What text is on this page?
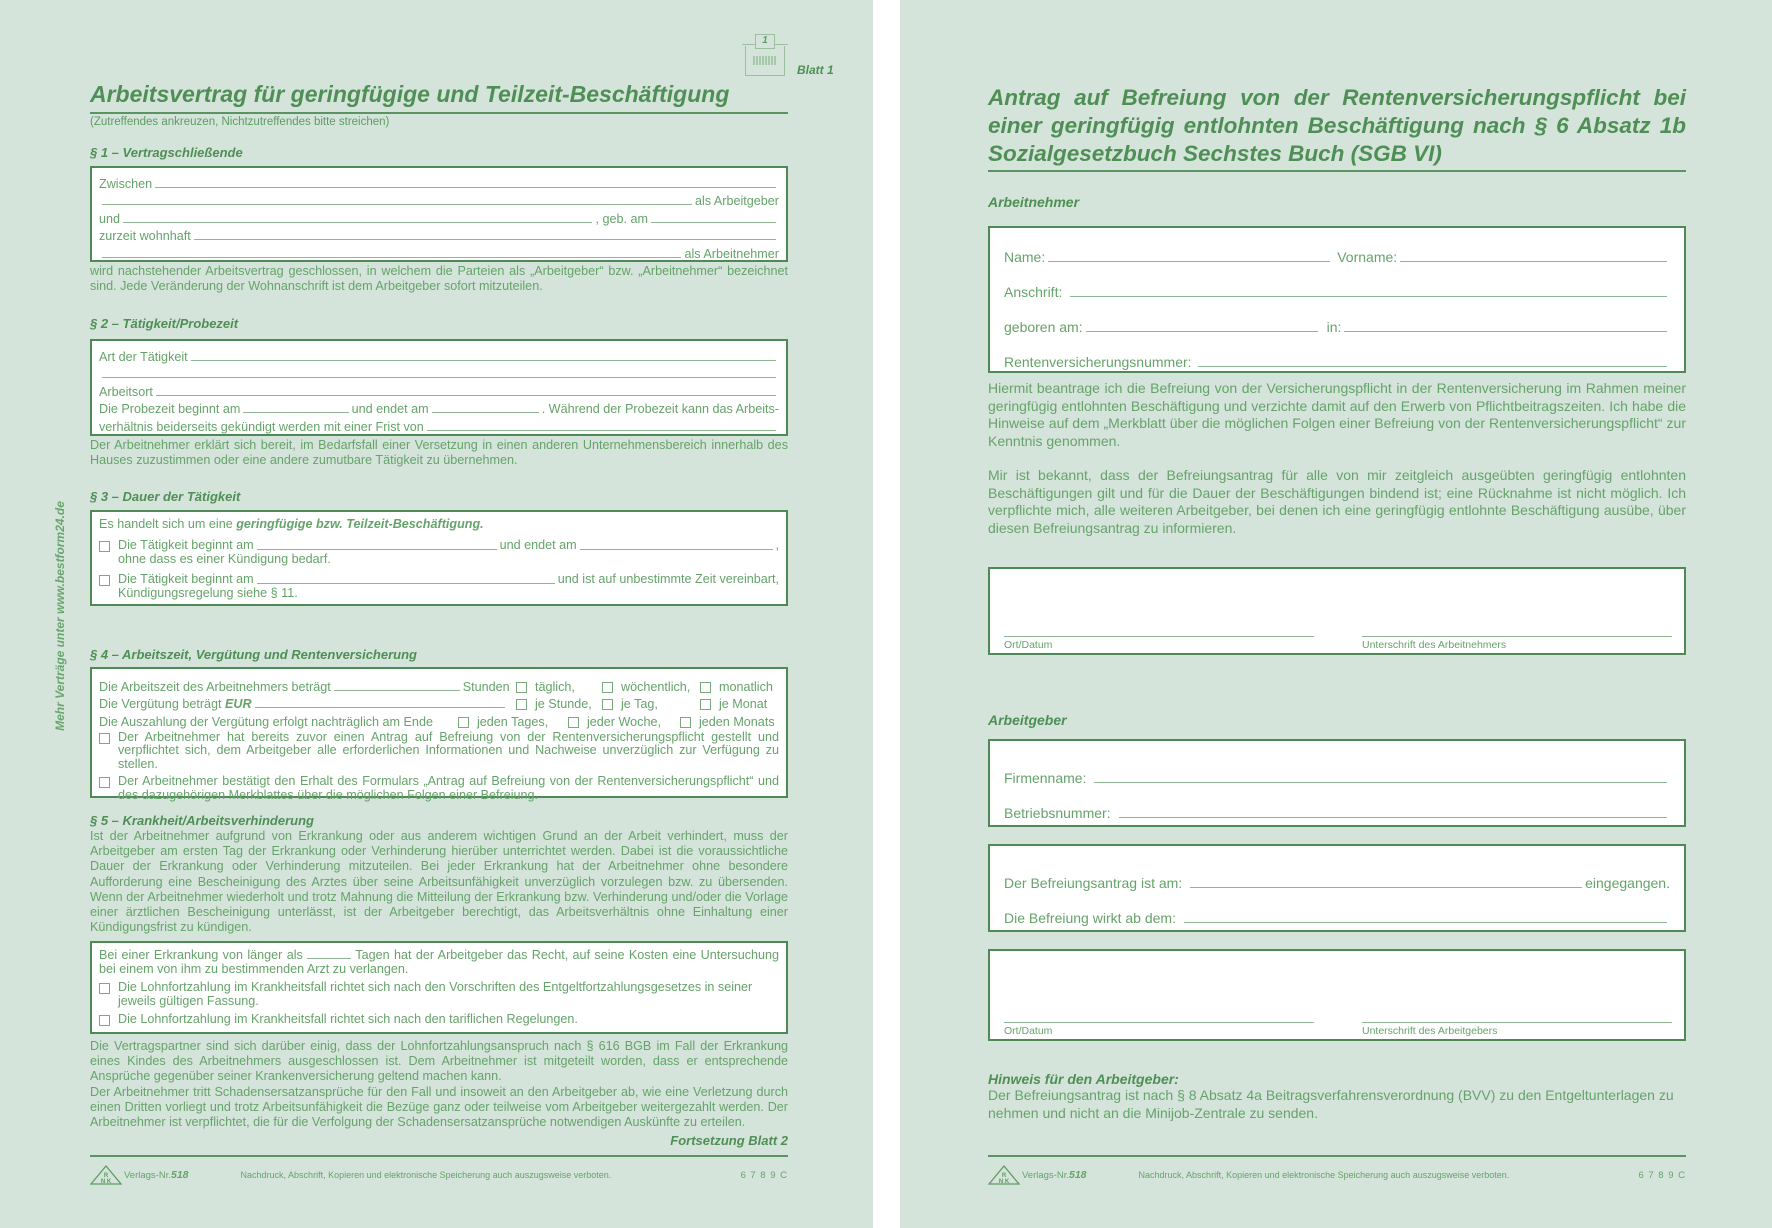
1
Blatt 1
Mehr Verträge unter www.bestform24.de
Arbeitsvertrag für geringfügige und Teilzeit-Beschäftigung
(Zutreffendes ankreuzen, Nichtzutreffendes bitte streichen)
§ 1 – Vertragschließende
Zwischen
als Arbeitgeber
und	, geb. am
zurzeit wohnhaft
als Arbeitnehmer
wird nachstehender Arbeitsvertrag geschlossen, in welchem die Parteien als „Arbeitgeber“ bzw. „Arbeitnehmer“ bezeichnet sind. Jede Veränderung der Wohnanschrift ist dem Arbeitgeber sofort mitzuteilen.
§ 2 – Tätigkeit/Probezeit
Art der Tätigkeit
Arbeitsort
Die Probezeit beginnt am	und endet am	. Während der Probezeit kann das Arbeits-
verhältnis beiderseits gekündigt werden mit einer Frist von
Der Arbeitnehmer erklärt sich bereit, im Bedarfsfall einer Versetzung in einen anderen Unternehmensbereich innerhalb des Hauses zuzustimmen oder eine andere zumutbare Tätigkeit zu übernehmen.
§ 3 – Dauer der Tätigkeit
Es handelt sich um eine geringfügige bzw. Teilzeit-Beschäftigung.
Die Tätigkeit beginnt am	und endet am	,
ohne dass es einer Kündigung bedarf.
Die Tätigkeit beginnt am	und ist auf unbestimmte Zeit vereinbart,
Kündigungsregelung siehe § 11.
§ 4 – Arbeitszeit, Vergütung und Rentenversicherung
Die Arbeitszeit des Arbeitnehmers beträgt	Stunden	täglich,	wöchentlich,	monatlich
Die Vergütung beträgt
EUR	je Stunde,	je Tag,	je Monat
Die Auszahlung der Vergütung erfolgt nachträglich am Ende	jeden Tages,	jeder Woche,	jeden Monats
Der Arbeitnehmer hat bereits zuvor einen Antrag auf Befreiung von der Rentenversicherungspflicht gestellt und verpflichtet sich, dem Arbeitgeber alle erforderlichen Informationen und Nachweise unverzüglich zur Verfügung zu stellen.
Der Arbeitnehmer bestätigt den Erhalt des Formulars „Antrag auf Befreiung von der Rentenversicherungspflicht“ und des dazugehörigen Merkblattes über die möglichen Folgen einer Befreiung.
§ 5 – Krankheit/Arbeitsverhinderung
Ist der Arbeitnehmer aufgrund von Erkrankung oder aus anderem wichtigen Grund an der Arbeit verhindert, muss der Arbeitgeber am ersten Tag der Erkrankung oder Verhinderung hierüber unterrichtet werden. Dabei ist die voraussichtliche Dauer der Erkrankung oder Verhinderung mitzuteilen. Bei jeder Erkrankung hat der Arbeitnehmer ohne besondere Aufforderung eine Bescheinigung des Arztes über seine Arbeitsunfähigkeit unverzüglich vorzulegen bzw. zu übersenden. Wenn der Arbeitnehmer wiederholt und trotz Mahnung die Mitteilung der Erkrankung bzw. Verhinderung und/oder die Vorlage einer ärztlichen Bescheinigung unterlässt, ist der Arbeitgeber berechtigt, das Arbeitsverhältnis ohne Einhaltung einer Kündigungsfrist zu kündigen.
Bei einer Erkrankung von länger als	Tagen hat der Arbeitgeber das Recht, auf seine Kosten eine Untersuchung bei einem von ihm zu bestimmenden Arzt zu verlangen.
Die Lohnfortzahlung im Krankheitsfall richtet sich nach den Vorschriften des Entgeltfortzahlungsgesetzes in seiner jeweils gültigen Fassung.
Die Lohnfortzahlung im Krankheitsfall richtet sich nach den tariflichen Regelungen.
Die Vertragspartner sind sich darüber einig, dass der Lohnfortzahlungsanspruch nach § 616 BGB im Fall der Erkrankung eines Kindes des Arbeitnehmers ausgeschlossen ist. Dem Arbeitnehmer ist mitgeteilt worden, dass er entsprechende Ansprüche gegenüber seiner Krankenversicherung geltend machen kann.
Der Arbeitnehmer tritt Schadensersatzansprüche für den Fall und insoweit an den Arbeitgeber ab, wie eine Verletzung durch einen Dritten vorliegt und trotz Arbeitsunfähigkeit die Bezüge ganz oder teilweise vom Arbeitgeber weitergezahlt werden. Der Arbeitnehmer ist verpflichtet, die für die Verfolgung der Schadensersatzansprüche notwendigen Auskünfte zu erteilen.
Fortsetzung Blatt 2
R
N K
Verlags-Nr. 518	Nachdruck, Abschrift, Kopieren und elektronische Speicherung auch auszugsweise verboten.	6 7 8 9 C
Antrag auf Befreiung von der Rentenversicherungspflicht bei einer geringfügig entlohnten Beschäftigung nach § 6 Absatz 1b Sozialgesetzbuch Sechstes Buch (SGB VI)
Arbeitnehmer
Name:	Vorname:
Anschrift:
geboren am:	in:
Rentenversicherungsnummer:
Hiermit beantrage ich die Befreiung von der Versicherungspflicht in der Rentenversicherung im Rahmen meiner geringfügig entlohnten Beschäftigung und verzichte damit auf den Erwerb von Pflichtbeitragszeiten. Ich habe die Hinweise auf dem „Merkblatt über die möglichen Folgen einer Befreiung von der Rentenversicherungspflicht“ zur Kenntnis genommen.
Mir ist bekannt, dass der Befreiungsantrag für alle von mir zeitgleich ausgeübten geringfügig entlohnten Beschäftigungen gilt und für die Dauer der Beschäftigungen bindend ist; eine Rücknahme ist nicht möglich. Ich verpflichte mich, alle weiteren Arbeitgeber, bei denen ich eine geringfügig entlohnte Beschäftigung ausübe, über diesen Befreiungsantrag zu informieren.
Ort/Datum	Unterschrift des Arbeitnehmers
Arbeitgeber
Firmenname:
Betriebsnummer:
Der Befreiungsantrag ist am:	eingegangen.
Die Befreiung wirkt ab dem:
Ort/Datum	Unterschrift des Arbeitgebers
Hinweis für den Arbeitgeber:
Der Befreiungsantrag ist nach § 8 Absatz 4a Beitragsverfahrensverordnung (BVV) zu den Entgeltunterlagen zu nehmen und nicht an die Minijob-Zentrale zu senden.
R
N K
Verlags-Nr. 518	Nachdruck, Abschrift, Kopieren und elektronische Speicherung auch auszugsweise verboten.	6 7 8 9 C
